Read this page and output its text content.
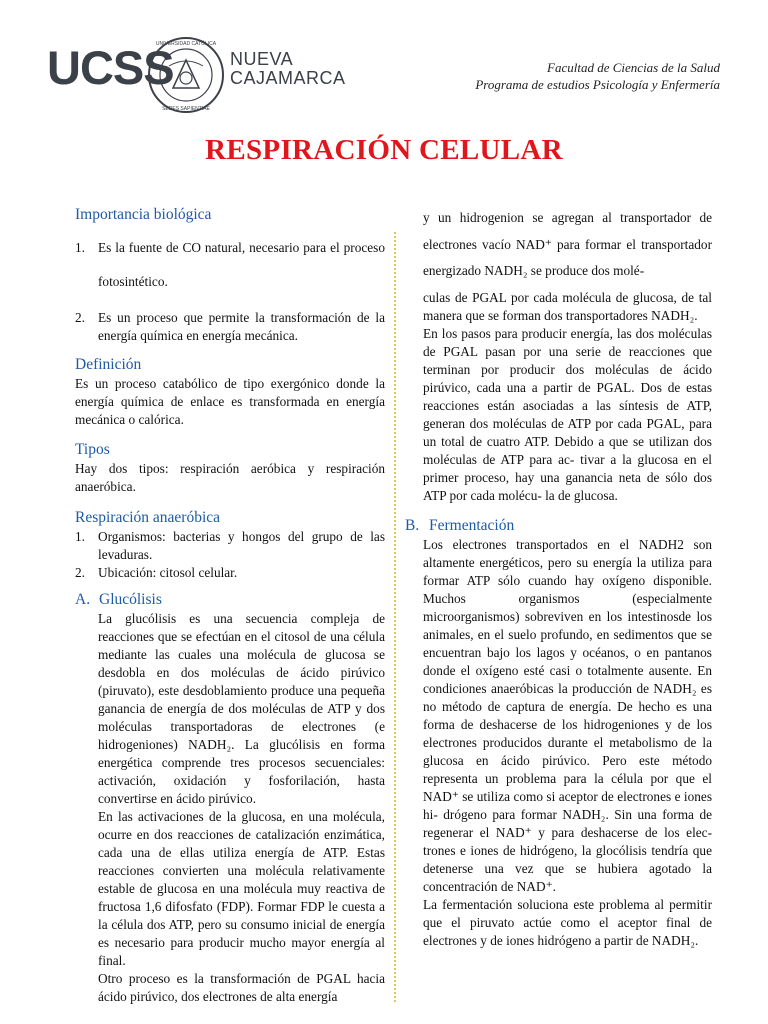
UCSS
UNIVERSIDAD CATÓLICA
SEDES SAPIENTIAE
NUEVA
CAJAMARCA
Facultad de Ciencias de la Salud
Programa de estudios Psicología y Enfermería
RESPIRACIÓN CELULAR
Importancia biológica
1. Es la fuente de CO natural, necesario para el proceso fotosintético.
2. Es un proceso que permite la transformación de la energía química en energía mecánica.
Definición

Es un proceso catabólico de tipo exergónico donde la energía química de enlace es transformada en energía mecánica o calórica.

Tipos

Hay dos tipos: respiración aeróbica y respiración anaeróbica.

Respiración anaeróbica
1. Organismos: bacterias y hongos del grupo de las levaduras.
2. Ubicación: citosol celular.
A. Glucólisis

La glucólisis es una secuencia compleja de reacciones que se efectúan en el citosol de una célula mediante las cuales una molécula de glucosa se desdobla en dos moléculas de ácido pirúvico (piruvato), este desdoblamiento produce una pequeña ganancia de energía de dos moléculas de ATP y dos moléculas transportadoras de electrones (e hidrogeniones) NADH₂. La glucólisis en forma energética comprende tres procesos secuenciales: activación, oxidación y fosforilación, hasta convertirse en ácido pirúvico.

En las activaciones de la glucosa, en una molécula, ocurre en dos reacciones de catalización enzimática, cada una de ellas utiliza energía de ATP. Estas reacciones convierten una molécula relativamente estable de glucosa en una molécula muy reactiva de fructosa 1,6 difosfato (FDP). Formar FDP le cuesta a la célula dos ATP, pero su consumo inicial de energía es necesario para producir mucho mayor energía al final.

Otro proceso es la transformación de PGAL hacia ácido pirúvico, dos electrones de alta energía

y un hidrogenion se agregan al transportador de electrones vacío NAD⁺ para formar el transportador energizado NADH₂ se produce dos molé-

culas de PGAL por cada molécula de glucosa, de tal manera que se forman dos transportadores NADH₂.

En los pasos para producir energía, las dos moléculas de PGAL pasan por una serie de reacciones que terminan por producir dos moléculas de ácido pirúvico, cada una a partir de PGAL. Dos de estas reacciones están asociadas a las síntesis de ATP, generan dos moléculas de ATP por cada PGAL, para un total de cuatro ATP. Debido a que se utilizan dos moléculas de ATP para ac- tivar a la glucosa en el primer proceso, hay una ganancia neta de sólo dos ATP por cada molécu- la de glucosa.

B. Fermentación

Los electrones transportados en el NADH2 son altamente energéticos, pero su energía la utiliza para formar ATP sólo cuando hay oxígeno disponible. Muchos organismos (especialmente microorganismos) sobreviven en los intestinosde los animales, en el suelo profundo, en sedimentos que se encuentran bajo los lagos y océanos, o en pantanos donde el oxígeno esté casi o totalmente ausente. En condiciones anaeróbicas la producción de NADH₂ es no método de captura de energía. De hecho es una forma de deshacerse de los hidrogeniones y de los electrones producidos durante el metabolismo de la glucosa en ácido pirúvico. Pero este método representa un problema para la célula por que el NAD⁺ se utiliza como si aceptor de electrones e iones hi- drógeno para formar NADH₂. Sin una forma de regenerar el NAD⁺ y para deshacerse de los elec-trones e iones de hidrógeno, la glocólisis tendría que detenerse una vez que se hubiera agotado la concentración de NAD⁺.

La fermentación soluciona este problema al permitir que el piruvato actúe como el aceptor final de electrones y de iones hidrógeno a partir de NADH₂.
